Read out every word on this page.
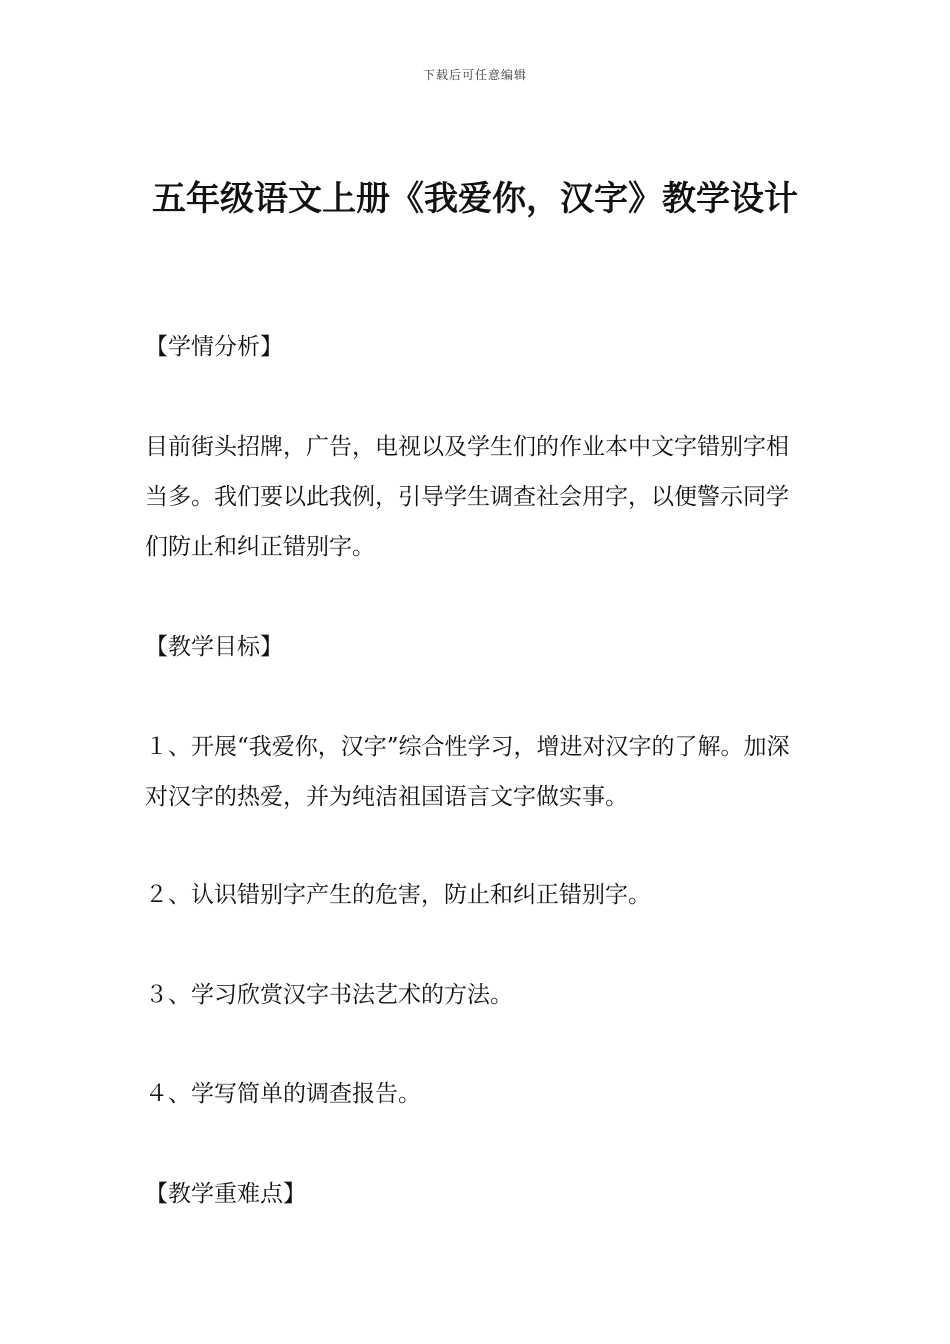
下载后可任意编辑
五年级语文上册《我爱你，汉字》教学设计

【学情分析】

目前街头招牌，广告，电视以及学生们的作业本中文字错别字相当多。我们要以此我例，引导学生调查社会用字，以便警示同学们防止和纠正错别字。

【教学目标】

１、开展“我爱你，汉字”综合性学习，增进对汉字的了解。加深对汉字的热爱，并为纯洁祖国语言文字做实事。

２、认识错别字产生的危害，防止和纠正错别字。

３、学习欣赏汉字书法艺术的方法。

４、学写简单的调查报告。

【教学重难点】
